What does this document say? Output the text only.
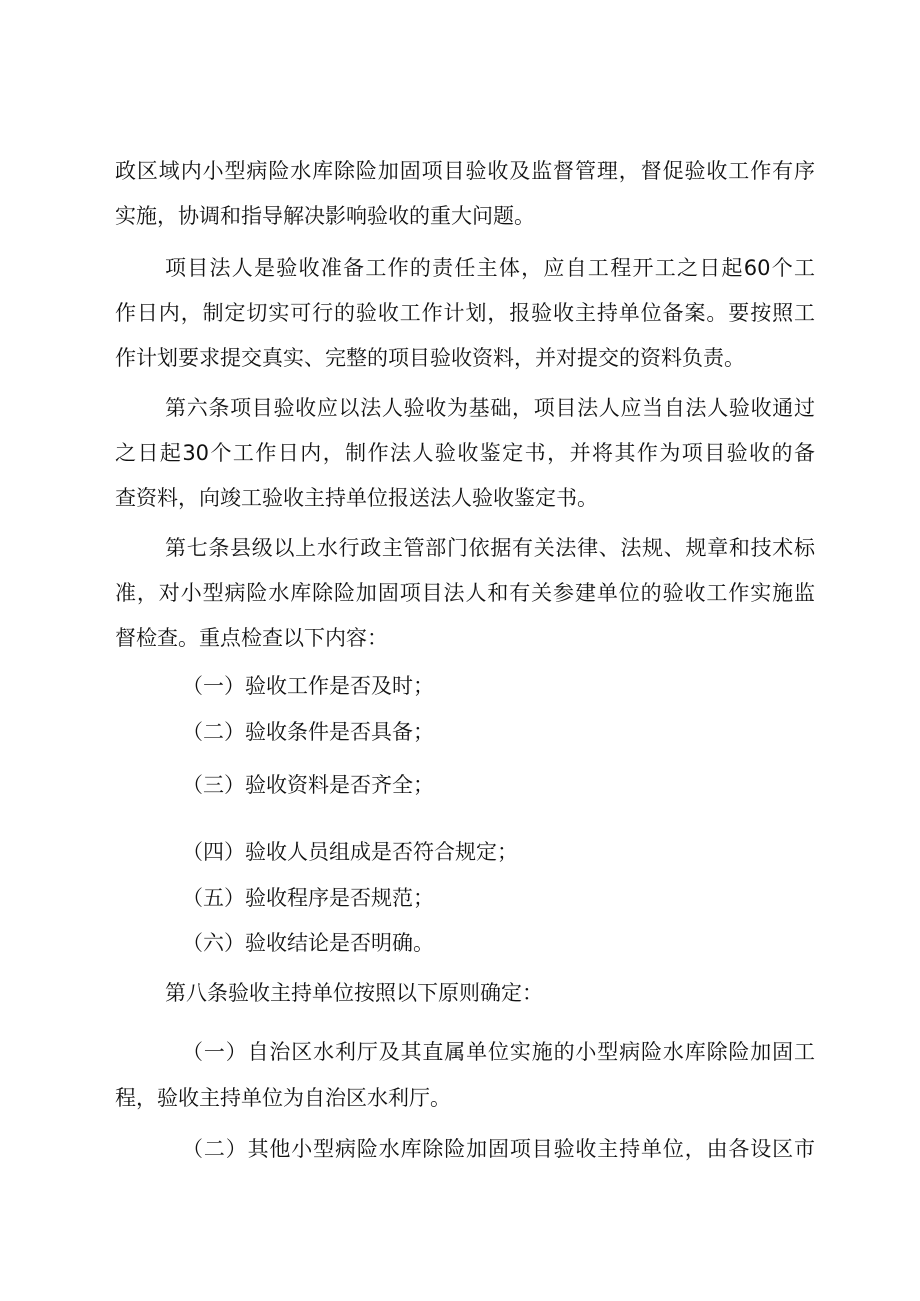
政区域内小型病险水库除险加固项目验收及监督管理，督促验收工作有序
实施，协调和指导解决影响验收的重大问题。
项目法人是验收准备工作的责任主体，应自工程开工之日起60个工
作日内，制定切实可行的验收工作计划，报验收主持单位备案。要按照工
作计划要求提交真实、完整的项目验收资料，并对提交的资料负责。
第六条项目验收应以法人验收为基础，项目法人应当自法人验收通过
之日起30个工作日内，制作法人验收鉴定书，并将其作为项目验收的备
查资料，向竣工验收主持单位报送法人验收鉴定书。
第七条县级以上水行政主管部门依据有关法律、法规、规章和技术标
准，对小型病险水库除险加固项目法人和有关参建单位的验收工作实施监
督检查。重点检查以下内容：
（一）验收工作是否及时；
（二）验收条件是否具备；
（三）验收资料是否齐全；
（四）验收人员组成是否符合规定；
（五）验收程序是否规范；
（六）验收结论是否明确。
第八条验收主持单位按照以下原则确定：
（一）自治区水利厅及其直属单位实施的小型病险水库除险加固工
程，验收主持单位为自治区水利厅。
（二）其他小型病险水库除险加固项目验收主持单位，由各设区市
